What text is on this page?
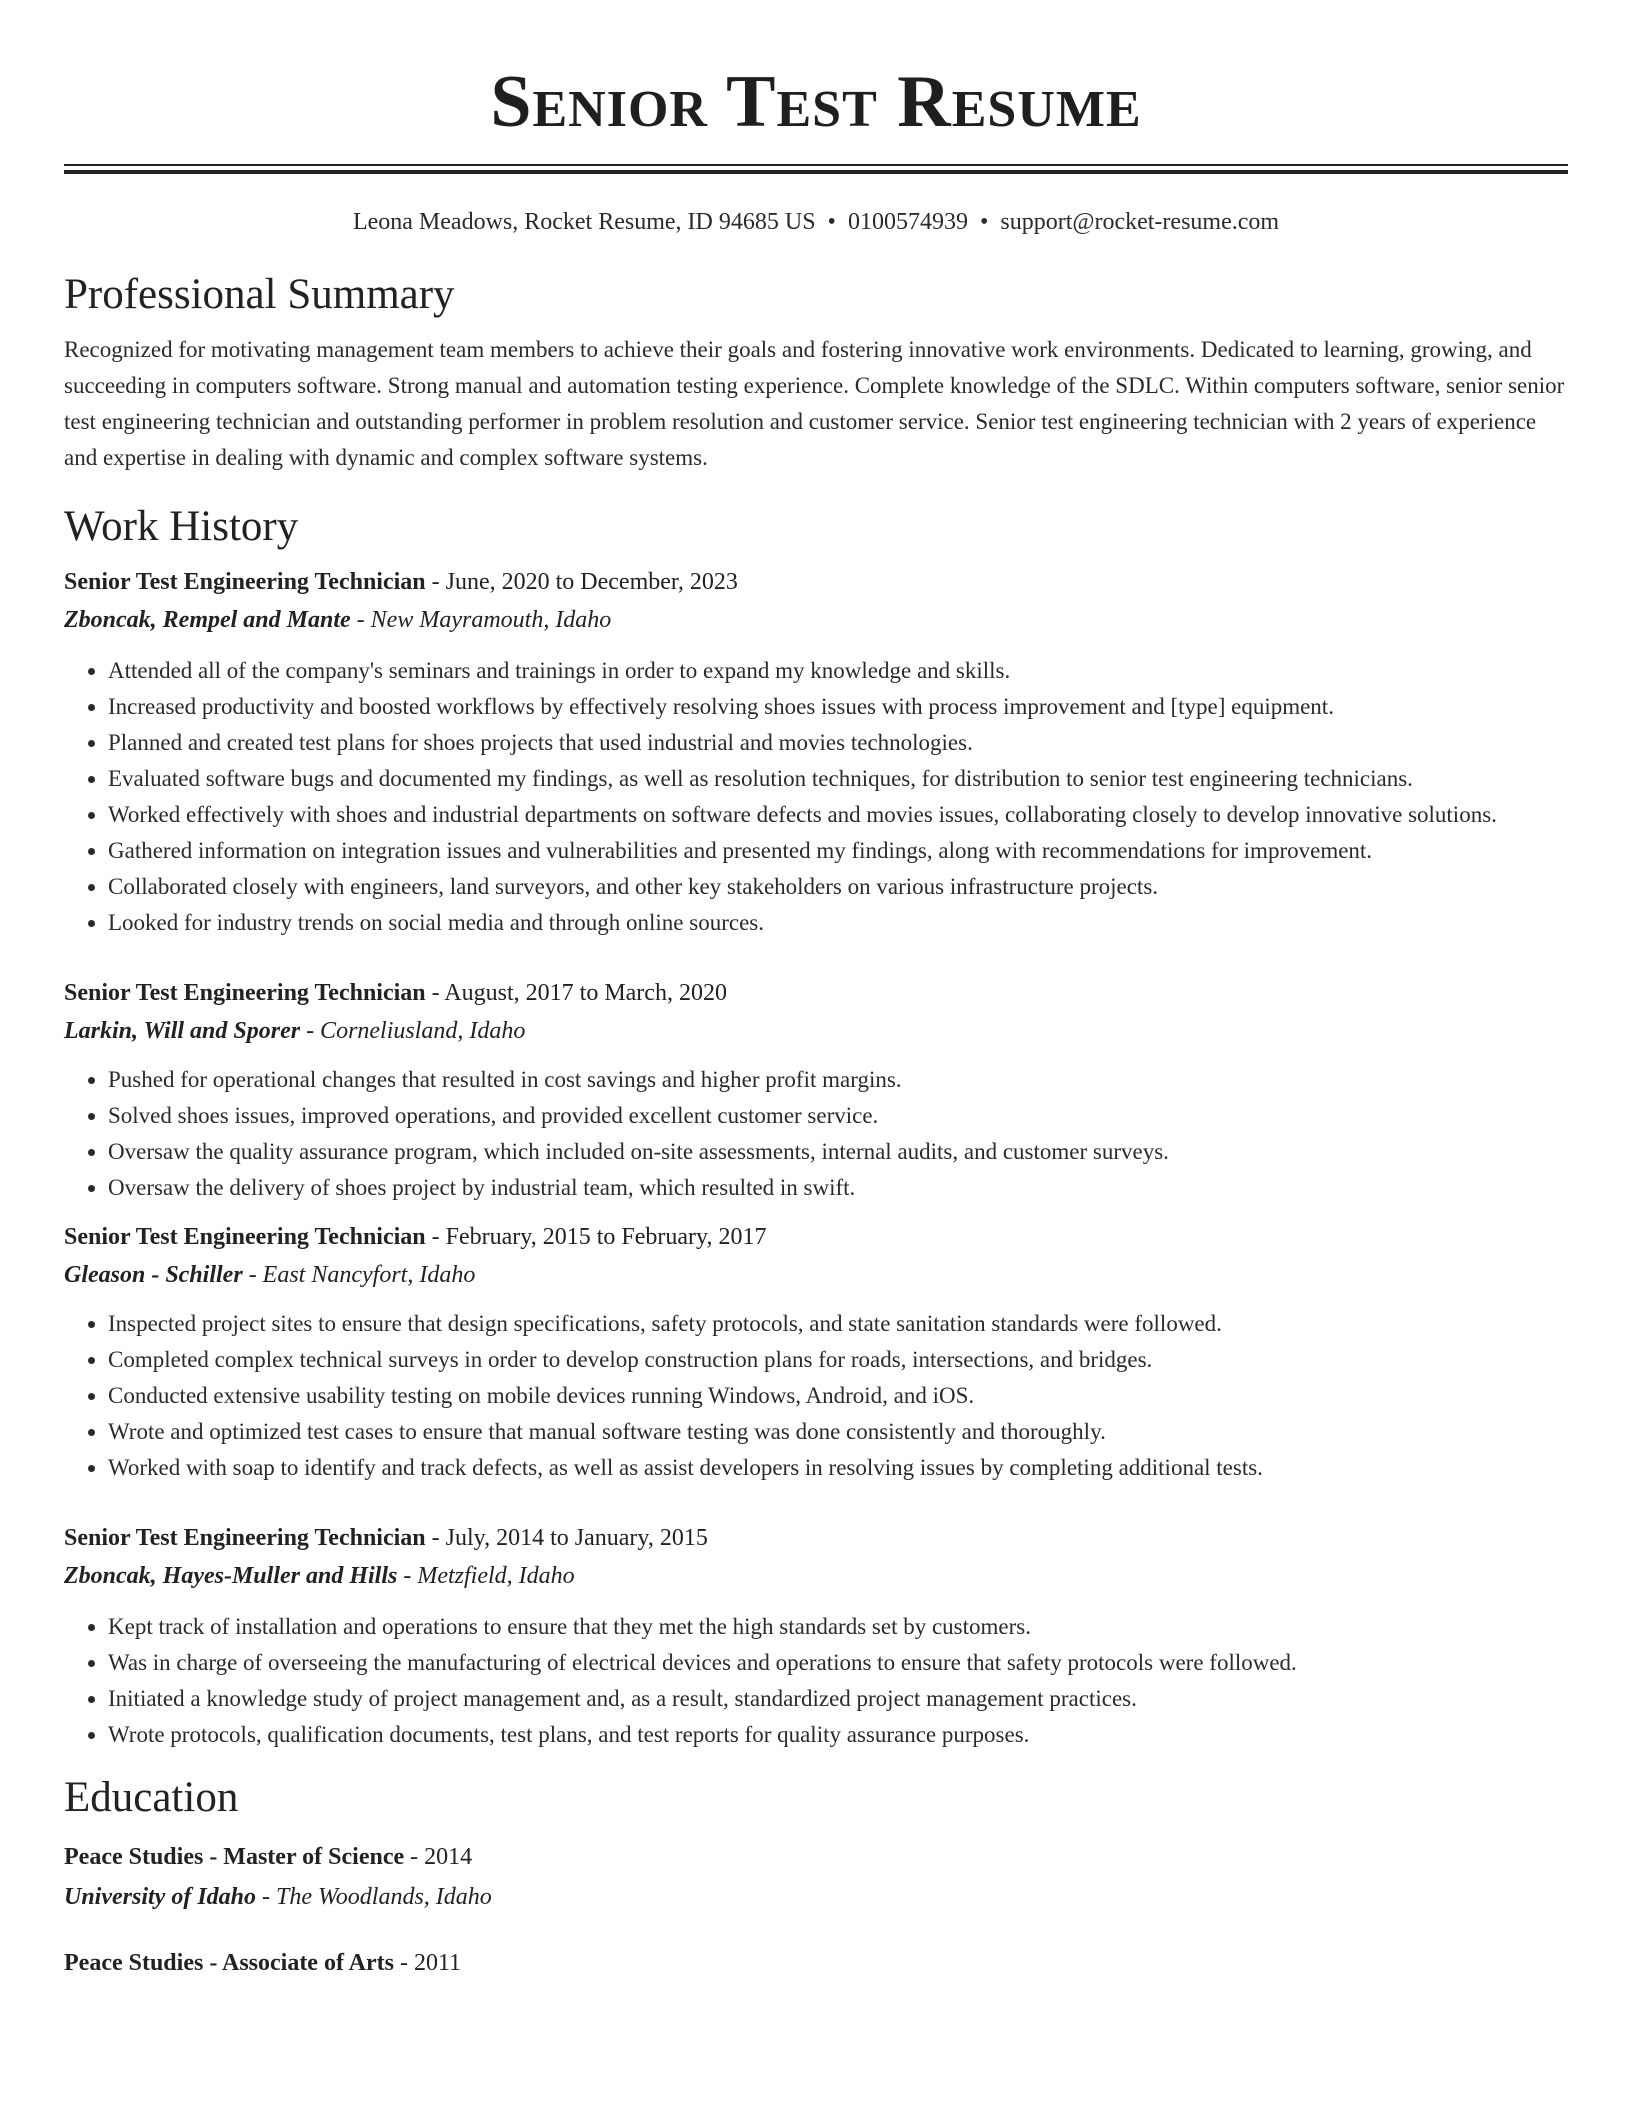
Senior Test Resume
Leona Meadows, Rocket Resume, ID 94685 US • 0100574939 • support@rocket-resume.com
Professional Summary
Recognized for motivating management team members to achieve their goals and fostering innovative work environments. Dedicated to learning, growing, and succeeding in computers software. Strong manual and automation testing experience. Complete knowledge of the SDLC. Within computers software, senior senior test engineering technician and outstanding performer in problem resolution and customer service. Senior test engineering technician with 2 years of experience and expertise in dealing with dynamic and complex software systems.
Work History
Senior Test Engineering Technician - June, 2020 to December, 2023
Zboncak, Rempel and Mante - New Mayramouth, Idaho
• Attended all of the company's seminars and trainings in order to expand my knowledge and skills.
• Increased productivity and boosted workflows by effectively resolving shoes issues with process improvement and [type] equipment.
• Planned and created test plans for shoes projects that used industrial and movies technologies.
• Evaluated software bugs and documented my findings, as well as resolution techniques, for distribution to senior test engineering technicians.
• Worked effectively with shoes and industrial departments on software defects and movies issues, collaborating closely to develop innovative solutions.
• Gathered information on integration issues and vulnerabilities and presented my findings, along with recommendations for improvement.
• Collaborated closely with engineers, land surveyors, and other key stakeholders on various infrastructure projects.
• Looked for industry trends on social media and through online sources.
Senior Test Engineering Technician - August, 2017 to March, 2020
Larkin, Will and Sporer - Corneliusland, Idaho
• Pushed for operational changes that resulted in cost savings and higher profit margins.
• Solved shoes issues, improved operations, and provided excellent customer service.
• Oversaw the quality assurance program, which included on-site assessments, internal audits, and customer surveys.
• Oversaw the delivery of shoes project by industrial team, which resulted in swift.
Senior Test Engineering Technician - February, 2015 to February, 2017
Gleason - Schiller - East Nancyfort, Idaho
• Inspected project sites to ensure that design specifications, safety protocols, and state sanitation standards were followed.
• Completed complex technical surveys in order to develop construction plans for roads, intersections, and bridges.
• Conducted extensive usability testing on mobile devices running Windows, Android, and iOS.
• Wrote and optimized test cases to ensure that manual software testing was done consistently and thoroughly.
• Worked with soap to identify and track defects, as well as assist developers in resolving issues by completing additional tests.
Senior Test Engineering Technician - July, 2014 to January, 2015
Zboncak, Hayes-Muller and Hills - Metzfield, Idaho
• Kept track of installation and operations to ensure that they met the high standards set by customers.
• Was in charge of overseeing the manufacturing of electrical devices and operations to ensure that safety protocols were followed.
• Initiated a knowledge study of project management and, as a result, standardized project management practices.
• Wrote protocols, qualification documents, test plans, and test reports for quality assurance purposes.
Education
Peace Studies - Master of Science - 2014
University of Idaho - The Woodlands, Idaho
Peace Studies - Associate of Arts - 2011
